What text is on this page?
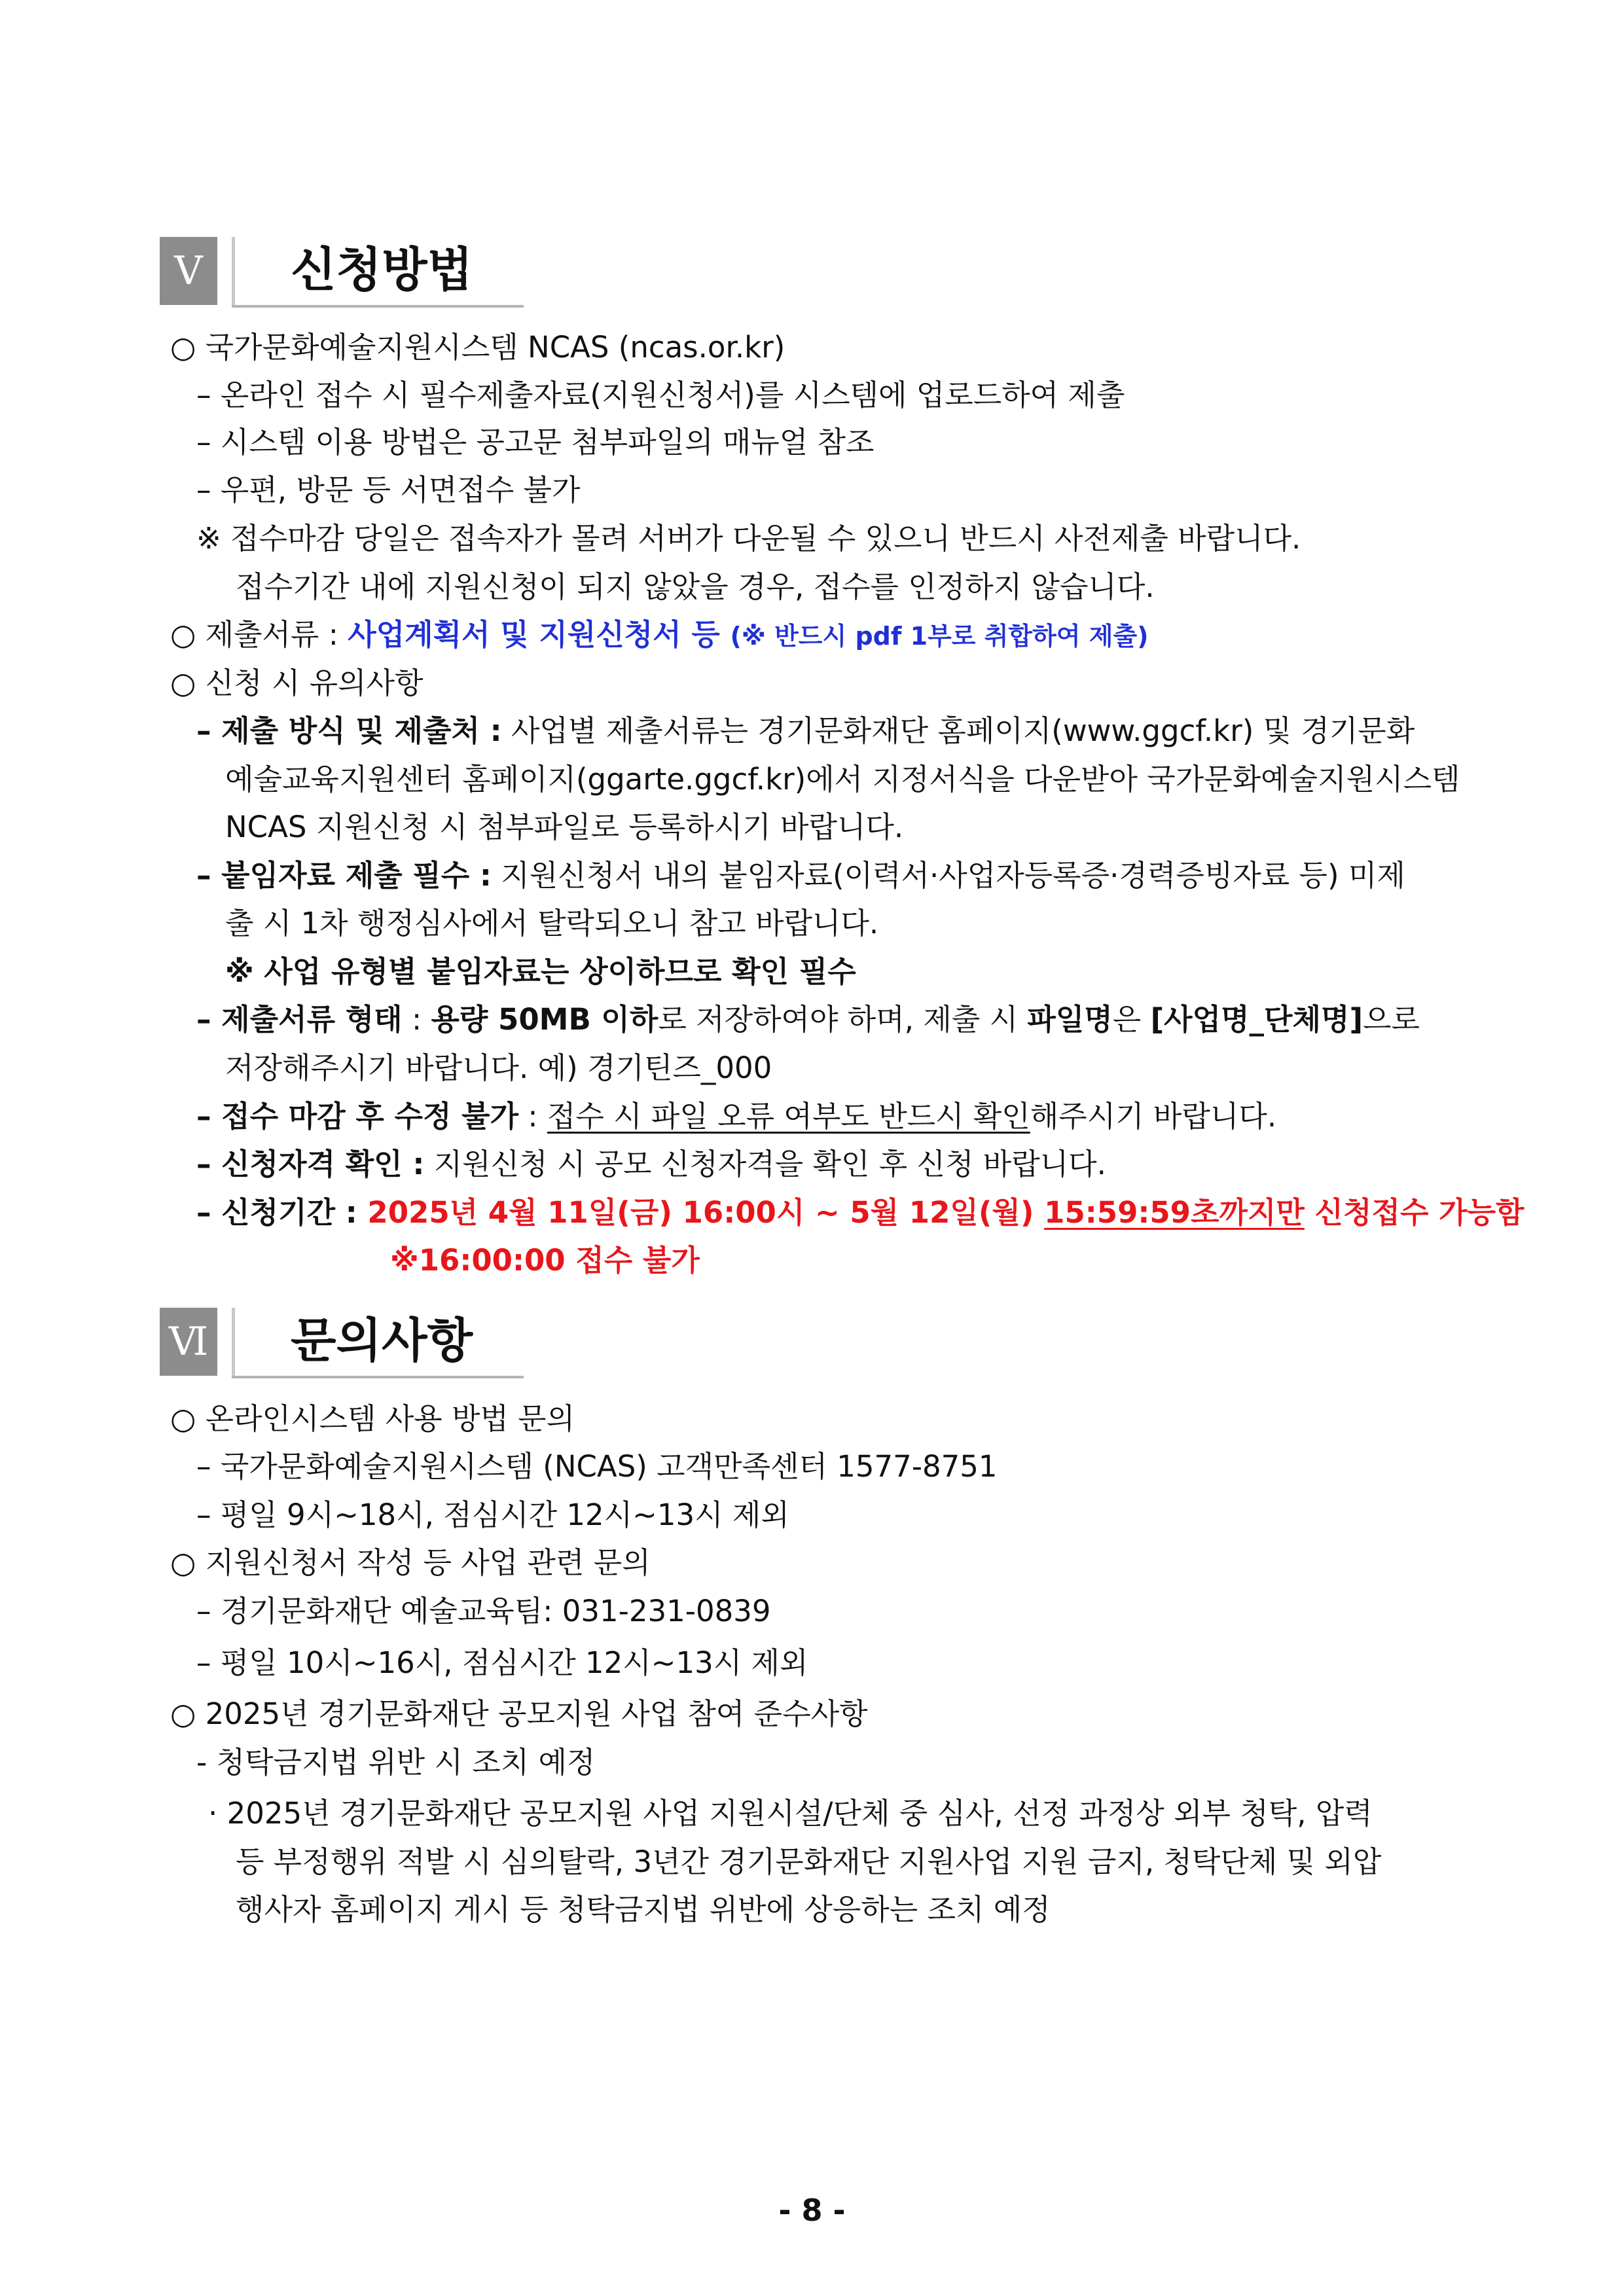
Ⅴ	신청방법
○ 국가문화예술지원시스템 NCAS (ncas.or.kr)
– 온라인 접수 시 필수제출자료(지원신청서)를 시스템에 업로드하여 제출
– 시스템 이용 방법은 공고문 첨부파일의 매뉴얼 참조
– 우편, 방문 등 서면접수 불가
※ 접수마감 당일은 접속자가 몰려 서버가 다운될 수 있으니 반드시 사전제출 바랍니다.
접수기간 내에 지원신청이 되지 않았을 경우, 접수를 인정하지 않습니다.
○ 제출서류 : 사업계획서 및 지원신청서 등 (※ 반드시 pdf 1부로 취합하여 제출)
○ 신청 시 유의사항
– 제출 방식 및 제출처 : 사업별 제출서류는 경기문화재단 홈페이지(www.ggcf.kr) 및 경기문화
예술교육지원센터 홈페이지(ggarte.ggcf.kr)에서 지정서식을 다운받아 국가문화예술지원시스템
NCAS 지원신청 시 첨부파일로 등록하시기 바랍니다.
– 붙임자료 제출 필수 : 지원신청서 내의 붙임자료(이력서·사업자등록증·경력증빙자료 등) 미제
출 시 1차 행정심사에서 탈락되오니 참고 바랍니다.
※ 사업 유형별 붙임자료는 상이하므로 확인 필수
– 제출서류 형태 : 용량 50MB 이하로 저장하여야 하며, 제출 시 파일명은 [사업명_단체명]으로
저장해주시기 바랍니다. 예) 경기틴즈_000
– 접수 마감 후 수정 불가 : 접수 시 파일 오류 여부도 반드시 확인해주시기 바랍니다.
– 신청자격 확인 : 지원신청 시 공모 신청자격을 확인 후 신청 바랍니다.
– 신청기간 : 2025년 4월 11일(금) 16:00시 ~ 5월 12일(월) 15:59:59초까지만 신청접수 가능함
※16:00:00 접수 불가
Ⅵ 문의사항
○ 온라인시스템 사용 방법 문의
– 국가문화예술지원시스템 (NCAS) 고객만족센터 1577-8751
– 평일 9시~18시, 점심시간 12시~13시 제외
○ 지원신청서 작성 등 사업 관련 문의
– 경기문화재단 예술교육팀: 031-231-0839
– 평일 10시~16시, 점심시간 12시~13시 제외
○ 2025년 경기문화재단 공모지원 사업 참여 준수사항
- 청탁금지법 위반 시 조치 예정
· 2025년 경기문화재단 공모지원 사업 지원시설/단체 중 심사, 선정 과정상 외부 청탁, 압력
등 부정행위 적발 시 심의탈락, 3년간 경기문화재단 지원사업 지원 금지, 청탁단체 및 외압
행사자 홈페이지 게시 등 청탁금지법 위반에 상응하는 조치 예정
- 8 -
